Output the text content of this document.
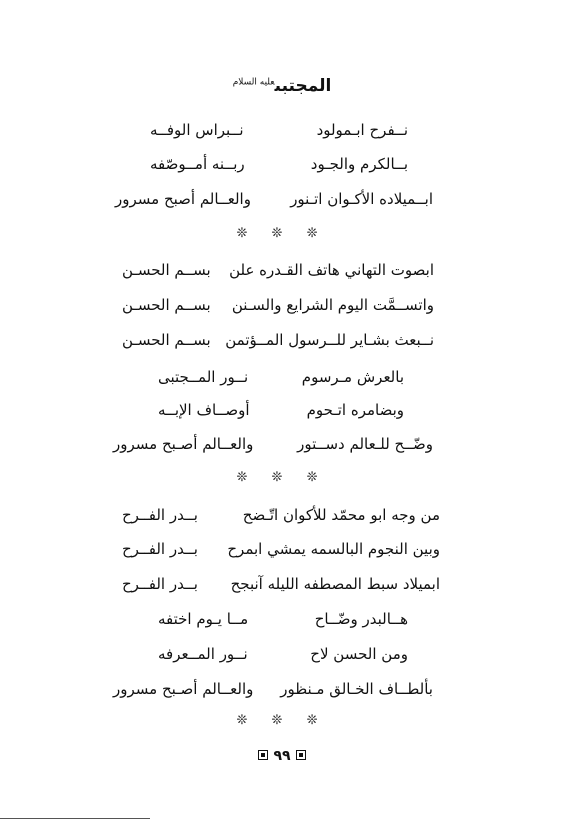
المجتبى$^{عليه السلام}$
نــفرح ابـمولود
نــبراس الوفــه
بــالكرم والجـود
ربــنه أمــوصّفه
ابــميلاده الأكـوان اتـنور
والعــالم أصبح مسرور
❊ ❊ ❊
ابصوت التهاني هاتف القـدره علن
بســم الحسـن
واتســمَّت اليوم الشرايع والسـنن
بســم الحسـن
نــبعث بشـاير للــرسول المــؤتمن
بســم الحسـن
بالعرش مـرسوم
نــور المــجتبى
وبضامره اتـحوم
أوصــاف الإبــه
وضّــح للـعالم دســتور
والعــالم أصـبح مسرور
❊ ❊ ❊
من وجه ابو محمّد للأكوان اتّـضح
بــدر الفــرح
وبين النجوم البالسمه يمشي ابمرح
بــدر الفــرح
ابميلاد سبط المصطفه الليله آنبجح
بــدر الفــرح
هــالبدر وضّــاح
مــا يـوم اختفه
ومن الحسن لاح
نــور المــعرفه
بألطــاف الخـالق مـنظور
والعــالم أصـبح مسرور
❊ ❊ ❊
٩٩
